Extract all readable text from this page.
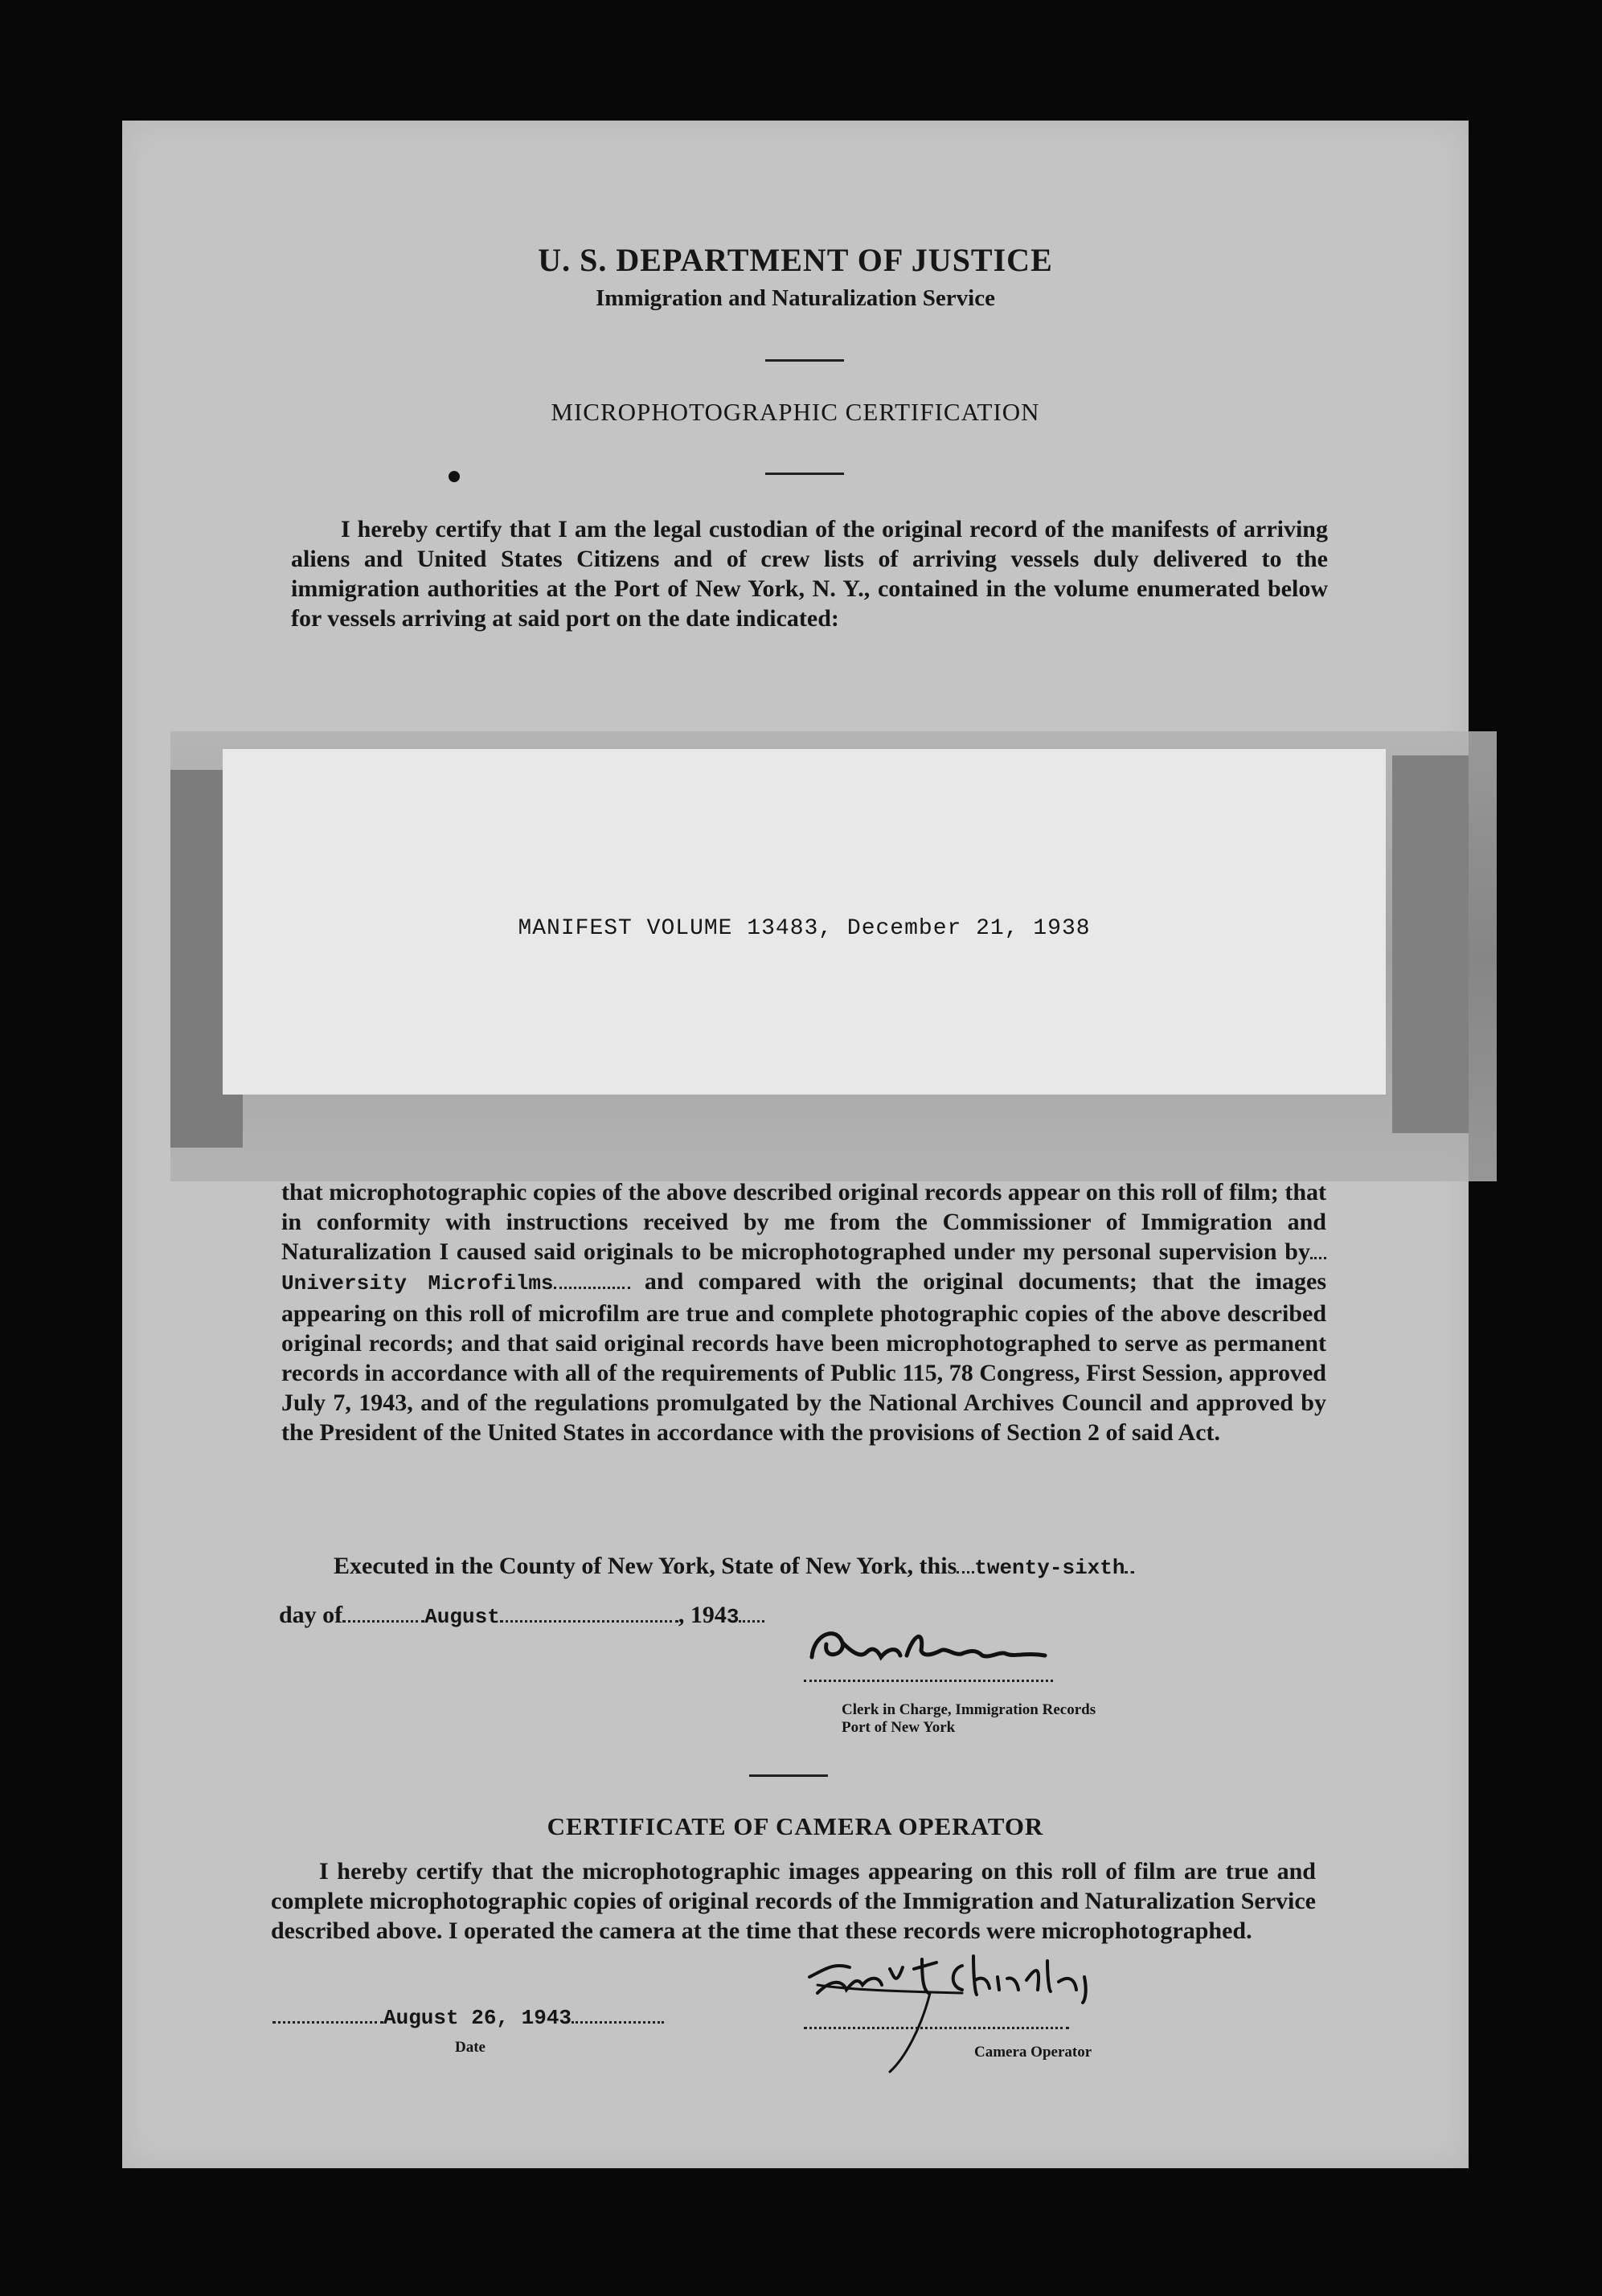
U. S. DEPARTMENT OF JUSTICE
Immigration and Naturalization Service
MICROPHOTOGRAPHIC CERTIFICATION

I hereby certify that I am the legal custodian of the original record of the manifests of arriving aliens and United States Citizens and of crew lists of arriving vessels duly delivered to the immigration authorities at the Port of New York, N. Y., contained in the volume enumerated below for vessels arriving at said port on the date indicated:

MANIFEST VOLUME 13483, December 21, 1938

that microphotographic copies of the above described original records appear on this roll of film; that in conformity with instructions received by me from the Commissioner of Immigration and Naturalization I caused said originals to be microphotographed under my personal supervision byUniversity Microfilms	and compared with the original documents; that the images appearing on this roll of microfilm are true and complete photographic copies of the above described original records; and that said original records have been microphotographed to serve as permanent records in accordance with all of the requirements of Public 115, 78 Congress, First Session, approved July 7, 1943, and of the regulations promulgated by the National Archives Council and approved by the President of the United States in accordance with the provisions of Section 2 of said Act.

Executed in the County of New York, State of New York, this twenty-sixth
day of	August	, 1943
Clerk in Charge, Immigration Records
Port of New York
CERTIFICATE OF CAMERA OPERATOR

I hereby certify that the microphotographic images appearing on this roll of film are true and complete microphotographic copies of original records of the Immigration and Naturalization Service described above. I operated the camera at the time that these records were microphotographed.

August 26, 1943
Date	Camera Operator
